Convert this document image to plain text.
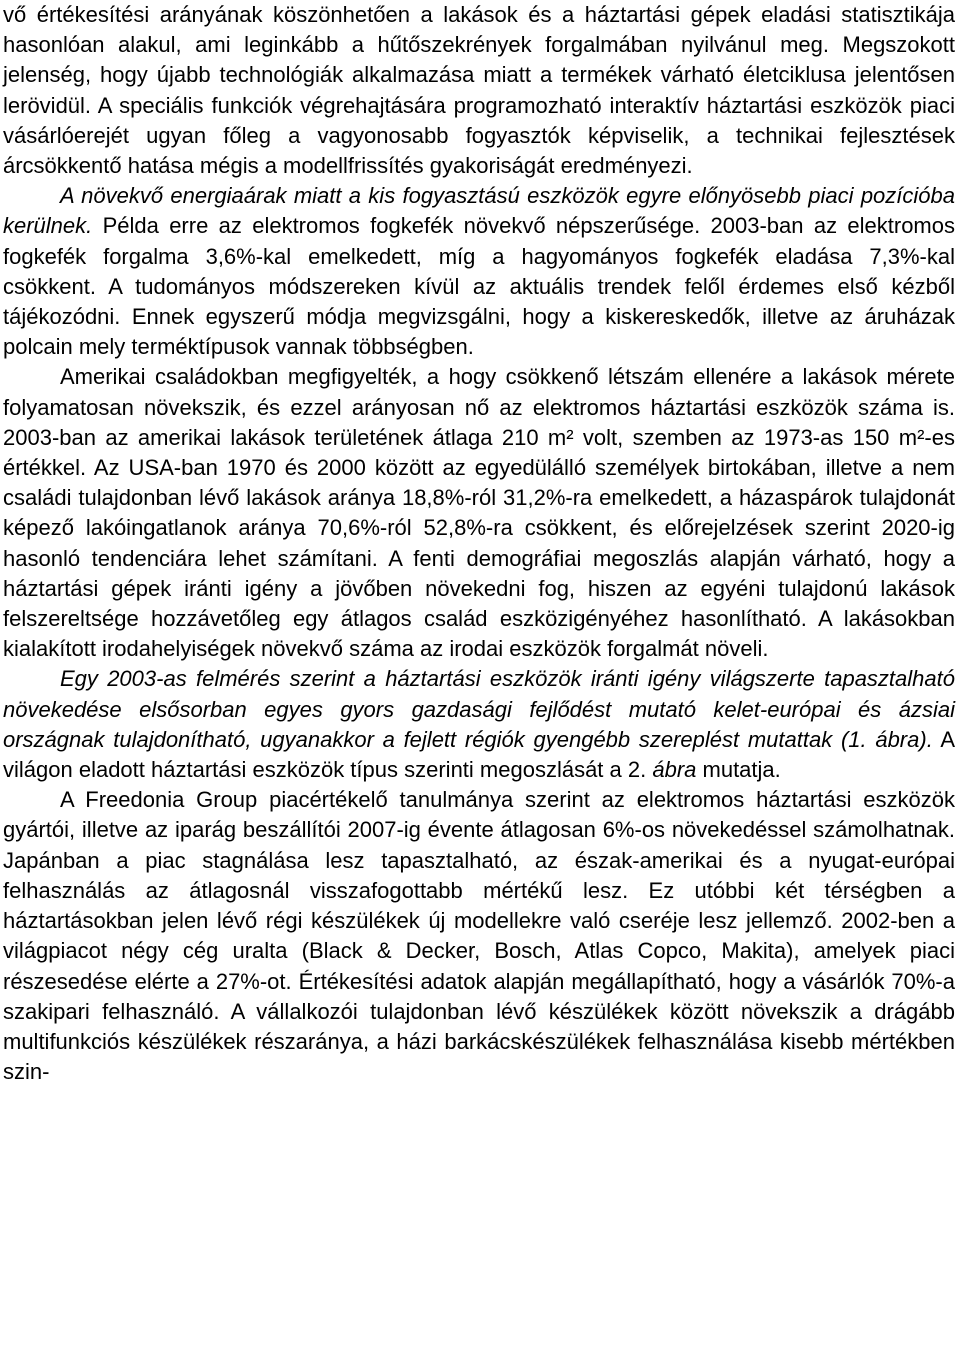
vő értékesítési arányának köszönhetően a lakások és a háztartási gépek eladási statisztikája hasonlóan alakul, ami leginkább a hűtőszekrények forgalmában nyilvánul meg. Megszokott jelenség, hogy újabb technológiák alkalmazása miatt a termékek várható életciklusa jelentősen lerövidül. A speciális funkciók végrehajtására programozható interaktív háztartási eszközök piaci vásárlóerejét ugyan főleg a vagyonosabb fogyasztók képviselik, a technikai fejlesztések árcsökkentő hatása mégis a modellfrissítés gyakoriságát eredményezi.

A növekvő energiaárak miatt a kis fogyasztású eszközök egyre előnyösebb piaci pozícióba kerülnek. Példa erre az elektromos fogkefék növekvő népszerűsége. 2003-ban az elektromos fogkefék forgalma 3,6%-kal emelkedett, míg a hagyományos fogkefék eladása 7,3%-kal csökkent. A tudományos módszereken kívül az aktuális trendek felől érdemes első kézből tájékozódni. Ennek egyszerű módja megvizsgálni, hogy a kiskereskedők, illetve az áruházak polcain mely terméktípusok vannak többségben.

Amerikai családokban megfigyelték, a hogy csökkenő létszám ellenére a lakások mérete folyamatosan növekszik, és ezzel arányosan nő az elektromos háztartási eszközök száma is. 2003-ban az amerikai lakások területének átlaga 210 m² volt, szemben az 1973-as 150 m²-es értékkel. Az USA-ban 1970 és 2000 között az egyedülálló személyek birtokában, illetve a nem családi tulajdonban lévő lakások aránya 18,8%-ról 31,2%-ra emelkedett, a házaspárok tulajdonát képező lakóingatlanok aránya 70,6%-ról 52,8%-ra csökkent, és előrejelzések szerint 2020-ig hasonló tendenciára lehet számítani. A fenti demográfiai megoszlás alapján várható, hogy a háztartási gépek iránti igény a jövőben növekedni fog, hiszen az egyéni tulajdonú lakások felszereltsége hozzávetőleg egy átlagos család eszközigényéhez hasonlítható. A lakásokban kialakított irodahelyiségek növekvő száma az irodai eszközök forgalmát növeli.

Egy 2003-as felmérés szerint a háztartási eszközök iránti igény világszerte tapasztalható növekedése elsősorban egyes gyors gazdasági fejlődést mutató kelet-európai és ázsiai országnak tulajdonítható, ugyanakkor a fejlett régiók gyengébb szereplést mutattak (1. ábra). A világon eladott háztartási eszközök típus szerinti megoszlását a 2. ábra mutatja.

A Freedonia Group piacértékelő tanulmánya szerint az elektromos háztartási eszközök gyártói, illetve az iparág beszállítói 2007-ig évente átlagosan 6%-os növekedéssel számolhatnak. Japánban a piac stagnálása lesz tapasztalható, az észak-amerikai és a nyugat-európai felhasználás az átlagosnál visszafogottabb mértékű lesz. Ez utóbbi két térségben a háztartásokban jelen lévő régi készülékek új modellekre való cseréje lesz jellemző. 2002-ben a világpiacot négy cég uralta (Black & Decker, Bosch, Atlas Copco, Makita), amelyek piaci részesedése elérte a 27%-ot. Értékesítési adatok alapján megállapítható, hogy a vásárlók 70%-a szakipari felhasználó. A vállalkozói tulajdonban lévő készülékek között növekszik a drágább multifunkciós készülékek részaránya, a házi barkácskészülékek felhasználása kisebb mértékben szin-
